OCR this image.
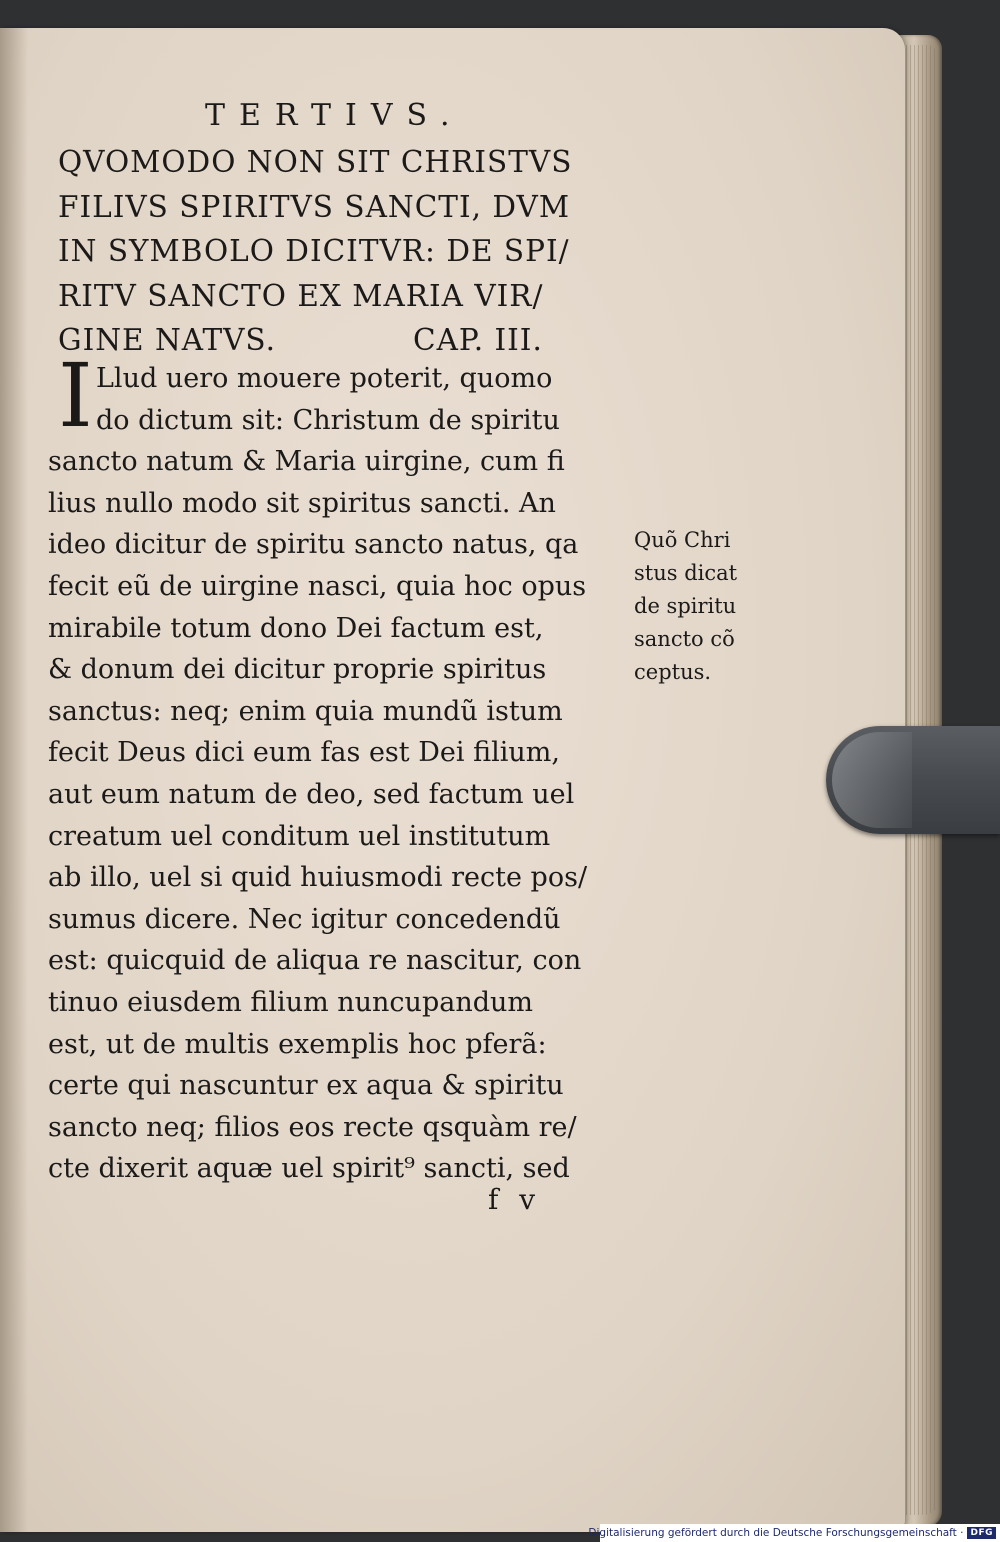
TERTIVS.
QVOMODO NON SIT CHRISTVS
FILIVS SPIRITVS SANCTI, DVM
IN SYMBOLO DICITVR: DE SPI/
RITV SANCTO EX MARIA VIR/
GINE NATVS.	CAP. III.
I Llud uero mouere poterit, quomo
do dictum sit: Christum de spiritu
sancto natum & Maria uirgine, cum fi
lius nullo modo sit spiritus sancti. An
ideo dicitur de spiritu sancto natus, qa
fecit eũ de uirgine nasci, quia hoc opus
mirabile totum dono Dei factum est,
& donum dei dicitur proprie spiritus
sanctus: neq; enim quia mundũ istum
fecit Deus dici eum fas est Dei filium,
aut eum natum de deo, sed factum uel
creatum uel conditum uel institutum
ab illo, uel si quid huiusmodi recte pos/
sumus dicere. Nec igitur concedendũ
est: quicquid de aliqua re nascitur, con
tinuo eiusdem filium nuncupandum
est, ut de multis exemplis hoc pferã:
certe qui nascuntur ex aqua & spiritu
sancto neq; filios eos recte qsquàm re/
cte dixerit aquæ uel spirit⁹ sancti, sed
Quõ Chri
stus dicat
de spiritu
sancto cõ
ceptus.
f v
Digitalisierung gefördert durch die Deutsche Forschungsgemeinschaft · DFG
